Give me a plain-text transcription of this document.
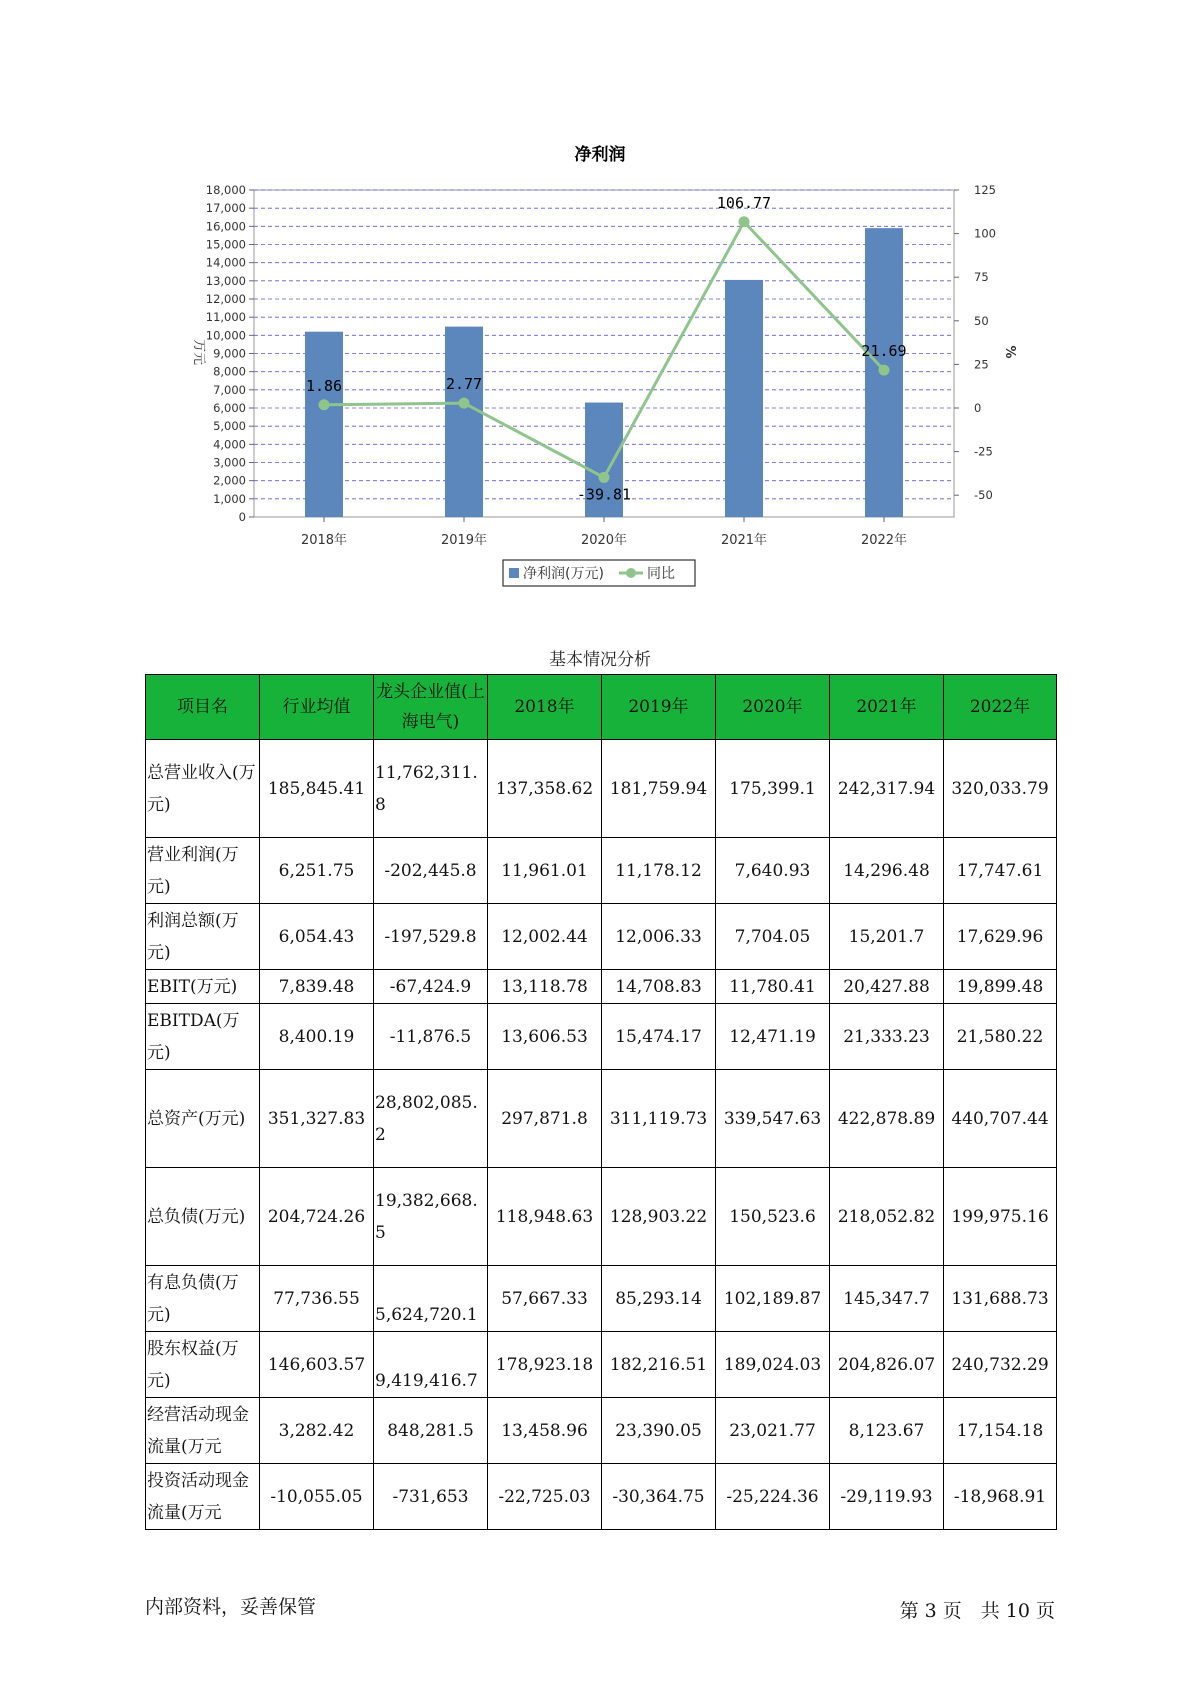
净利润
0
1,000
2,000
3,000
4,000
5,000
6,000
7,000
8,000
9,000
10,000
11,000
12,000
13,000
14,000
15,000
16,000
17,000
18,000
-50
-25
0
25
50
75
100
125
万元	%
2018年	2019年	2020年	2021年	2022年
1.86	2.77
-39.81
106.77
21.69
净利润(万元)	同比
基本情况分析
项目名	行业均值	龙头企业值(上海电气)	2018年	2019年	2020年	2021年	2022年
总营业收入(万元)	185,845.41	11,762,311.8	137,358.62	181,759.94	175,399.1	242,317.94	320,033.79
营业利润(万元)	6,251.75	-202,445.8	11,961.01	11,178.12	7,640.93	14,296.48	17,747.61
利润总额(万元)	6,054.43	-197,529.8	12,002.44	12,006.33	7,704.05	15,201.7	17,629.96
EBIT(万元)	7,839.48	-67,424.9	13,118.78	14,708.83	11,780.41	20,427.88	19,899.48
EBITDA(万元)	8,400.19	-11,876.5	13,606.53	15,474.17	12,471.19	21,333.23	21,580.22
总资产(万元)	351,327.83	28,802,085.2	297,871.8	311,119.73	339,547.63	422,878.89	440,707.44
总负债(万元)	204,724.26	19,382,668.5	118,948.63	128,903.22	150,523.6	218,052.82	199,975.16
有息负债(万元)	77,736.55	5,624,720.1	57,667.33	85,293.14	102,189.87	145,347.7	131,688.73
股东权益(万元)	146,603.57	9,419,416.7	178,923.18	182,216.51	189,024.03	204,826.07	240,732.29
经营活动现金流量(万元	3,282.42	848,281.5	13,458.96	23,390.05	23,021.77	8,123.67	17,154.18
投资活动现金流量(万元	-10,055.05	-731,653	-22,725.03	-30,364.75	-25,224.36	-29,119.93	-18,968.91
内部资料，妥善保管	第 3 页　共 10 页
